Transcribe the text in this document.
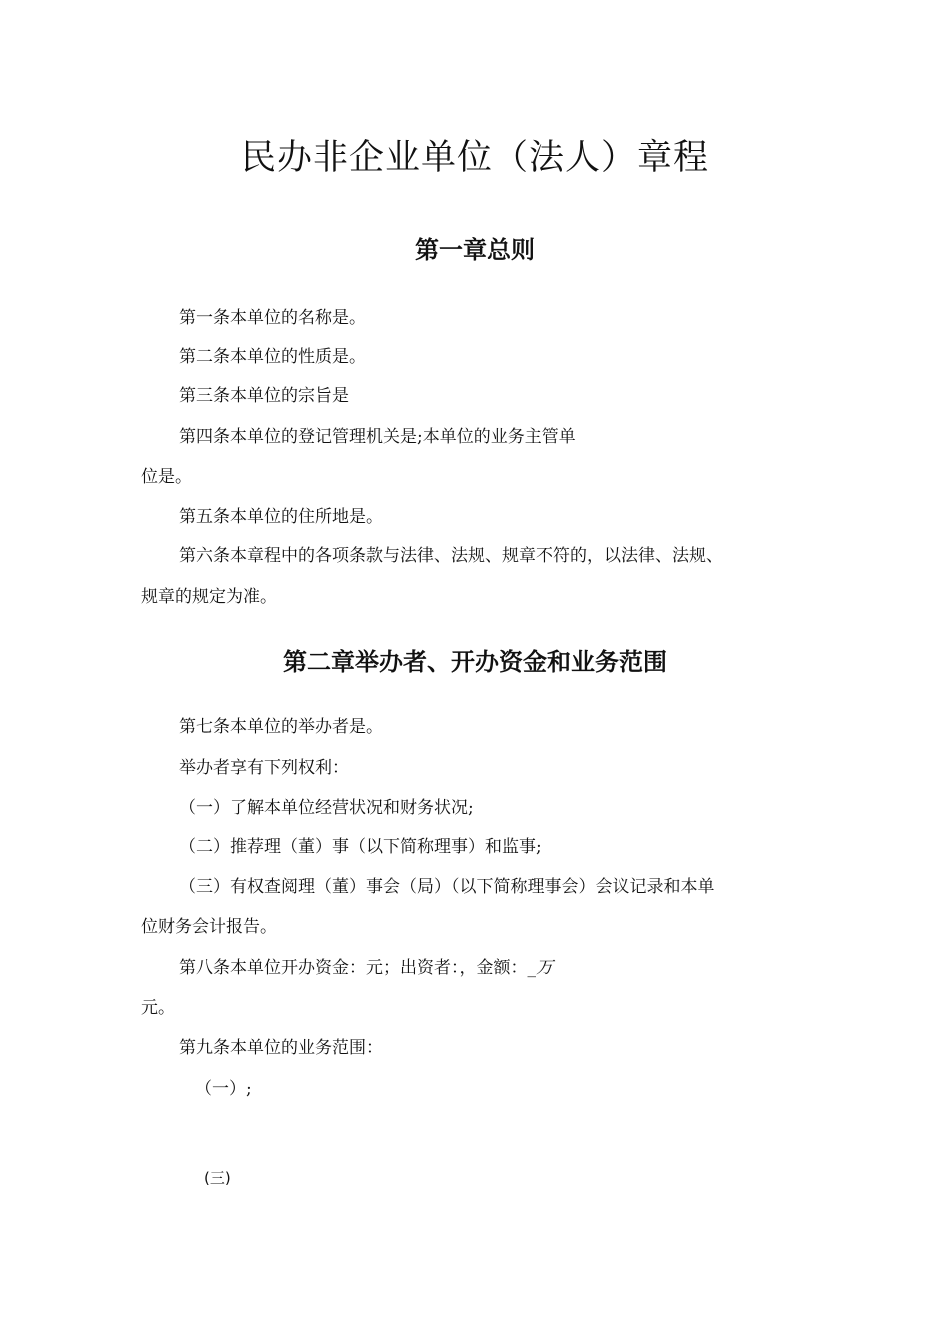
民办非企业单位（法人）章程
第一章总则

第一条本单位的名称是。

第二条本单位的性质是。

第三条本单位的宗旨是

第四条本单位的登记管理机关是;本单位的业务主管单

位是。

第五条本单位的住所地是。

第六条本章程中的各项条款与法律、法规、规章不符的，以法律、法规、

规章的规定为准。

第二章举办者、开办资金和业务范围

第七条本单位的举办者是。

举办者享有下列权利：

（一）了解本单位经营状况和财务状况;

（二）推荐理（董）事（以下简称理事）和监事;

（三）有权查阅理（董）事会（局）（以下简称理事会）会议记录和本单

位财务会计报告。

第八条本单位开办资金：元；出资者：，金额：_万

元。

第九条本单位的业务范围：

（一）;

(三)
